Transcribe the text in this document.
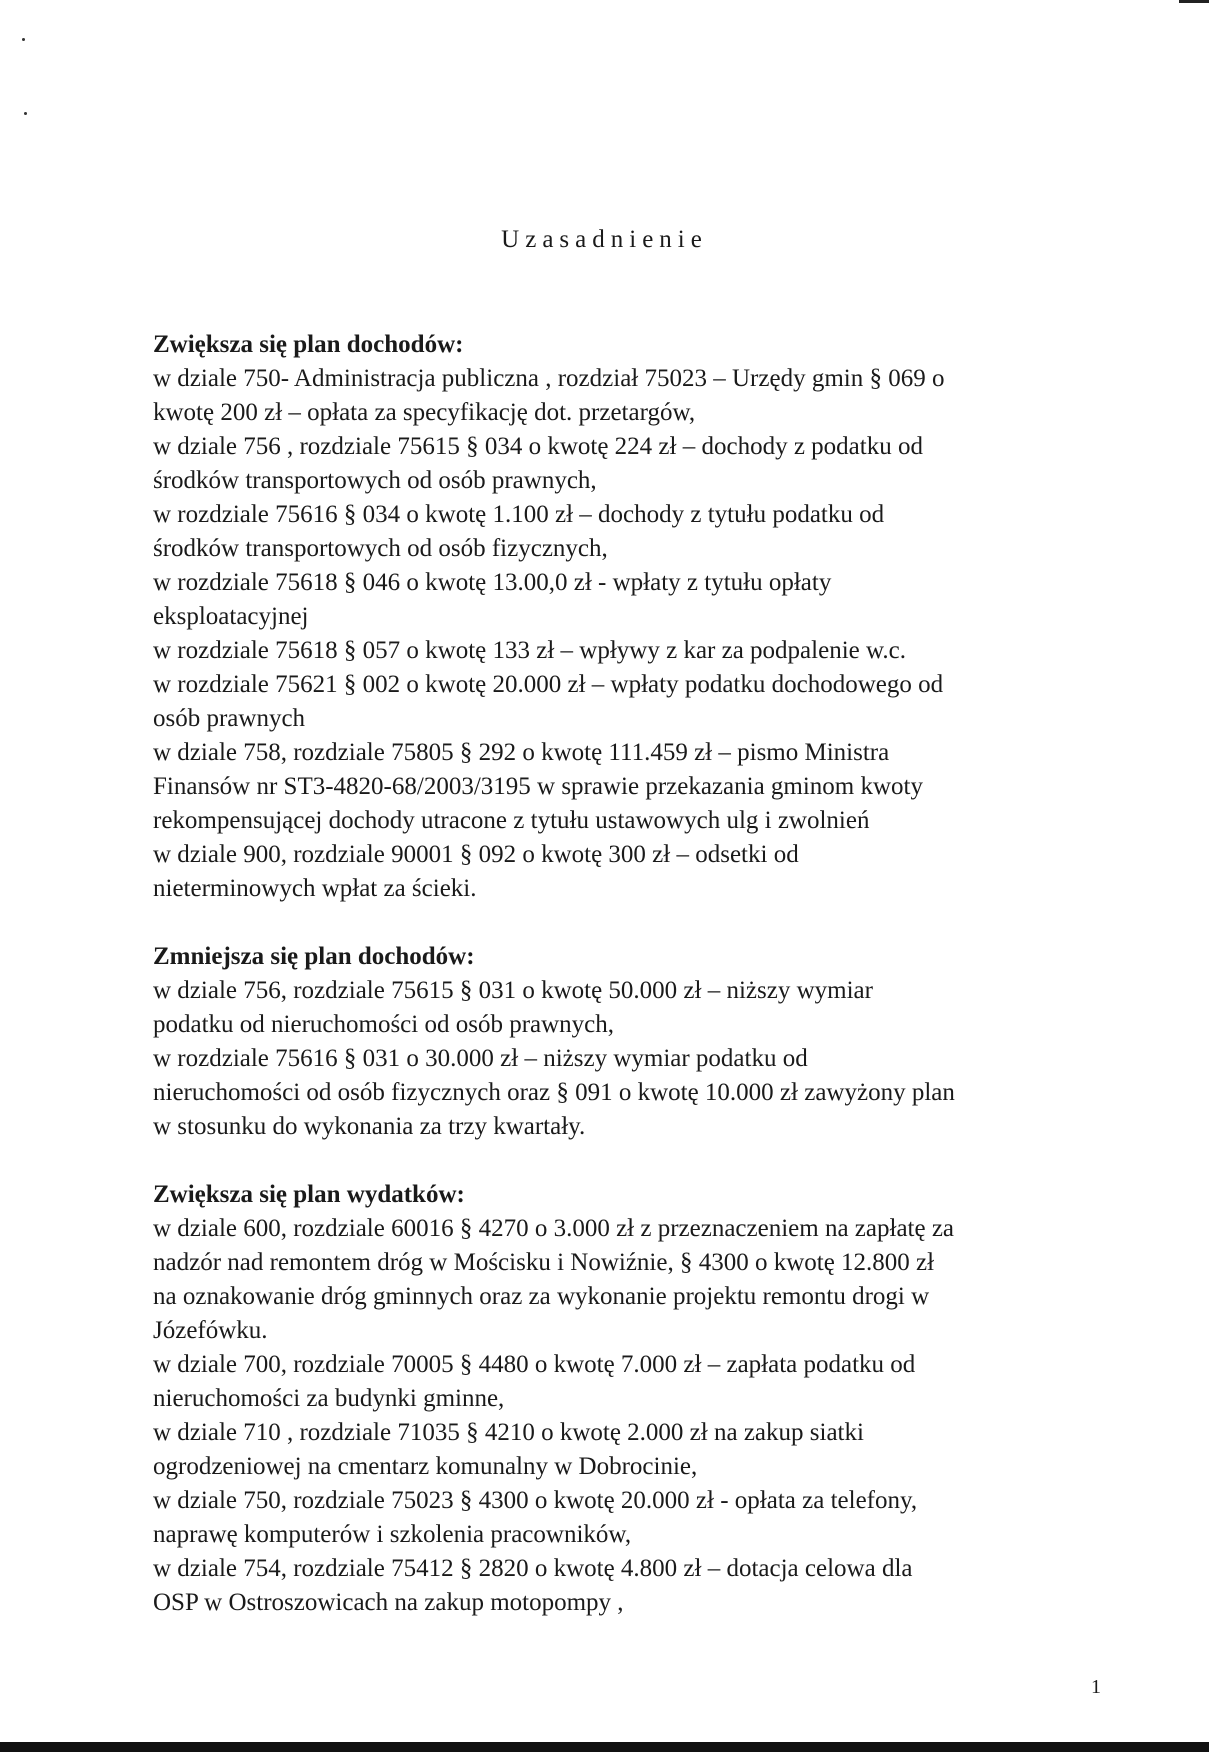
Uzasadnienie

Zwiększa się plan dochodów:

w dziale 750- Administracja publiczna , rozdział 75023 – Urzędy gmin § 069 o

kwotę 200 zł – opłata za specyfikację dot. przetargów,

w dziale 756 , rozdziale 75615 § 034 o kwotę 224 zł – dochody z podatku od

środków transportowych od osób prawnych,

w rozdziale 75616 § 034 o kwotę 1.100 zł – dochody z tytułu podatku od

środków transportowych od osób fizycznych,

w rozdziale 75618 § 046 o kwotę 13.00,0 zł - wpłaty z tytułu opłaty

eksploatacyjnej

w rozdziale 75618 § 057 o kwotę 133 zł – wpływy z kar za podpalenie w.c.

w rozdziale 75621 § 002 o kwotę 20.000 zł – wpłaty podatku dochodowego od

osób prawnych

w dziale 758, rozdziale 75805 § 292 o kwotę 111.459 zł – pismo Ministra

Finansów nr ST3-4820-68/2003/3195 w sprawie przekazania gminom kwoty

rekompensującej dochody utracone z tytułu ustawowych ulg i zwolnień

w dziale 900, rozdziale 90001 § 092 o kwotę 300 zł – odsetki od

nieterminowych wpłat za ścieki.

Zmniejsza się plan dochodów:

w dziale 756, rozdziale 75615 § 031 o kwotę 50.000 zł – niższy wymiar

podatku od nieruchomości od osób prawnych,

w rozdziale 75616 § 031 o 30.000 zł – niższy wymiar podatku od

nieruchomości od osób fizycznych oraz § 091 o kwotę 10.000 zł zawyżony plan

w stosunku do wykonania za trzy kwartały.

Zwiększa się plan wydatków:

w dziale 600, rozdziale 60016 § 4270 o 3.000 zł z przeznaczeniem na zapłatę za

nadzór nad remontem dróg w Mościsku i Nowiźnie, § 4300 o kwotę 12.800 zł

na oznakowanie dróg gminnych oraz za wykonanie projektu remontu drogi w

Józefówku.

w dziale 700, rozdziale 70005 § 4480 o kwotę 7.000 zł – zapłata podatku od

nieruchomości za budynki gminne,

w dziale 710 , rozdziale 71035 § 4210 o kwotę 2.000 zł na zakup siatki

ogrodzeniowej na cmentarz komunalny w Dobrocinie,

w dziale 750, rozdziale 75023 § 4300 o kwotę 20.000 zł - opłata za telefony,

naprawę komputerów i szkolenia pracowników,

w dziale 754, rozdziale 75412 § 2820 o kwotę 4.800 zł – dotacja celowa dla

OSP w Ostroszowicach na zakup motopompy ,

1
